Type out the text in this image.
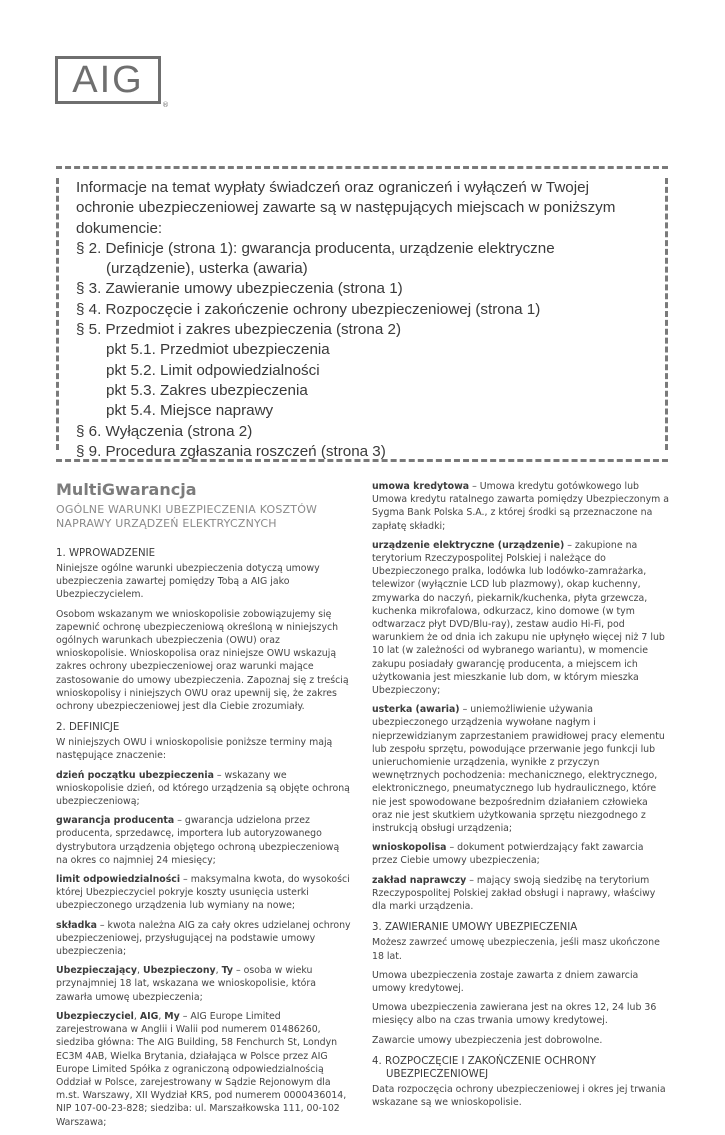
AIG
®
Informacje na temat wypłaty świadczeń oraz ograniczeń i wyłączeń w Twojej
ochronie ubezpieczeniowej zawarte są w następujących miejscach w poniższym
dokumencie:
§ 2. Definicje (strona 1): gwarancja producenta, urządzenie elektryczne
(urządzenie), usterka (awaria)
§ 3. Zawieranie umowy ubezpieczenia (strona 1)
§ 4. Rozpoczęcie i zakończenie ochrony ubezpieczeniowej (strona 1)
§ 5. Przedmiot i zakres ubezpieczenia (strona 2)
pkt 5.1. Przedmiot ubezpieczenia
pkt 5.2. Limit odpowiedzialności
pkt 5.3. Zakres ubezpieczenia
pkt 5.4. Miejsce naprawy
§ 6. Wyłączenia (strona 2)
§ 9. Procedura zgłaszania roszczeń (strona 3)
MultiGwarancja
OGÓLNE WARUNKI UBEZPIECZENIA KOSZTÓW NAPRAWY URZĄDZEŃ ELEKTRYCZNYCH
1. WPROWADZENIE

Niniejsze ogólne warunki ubezpieczenia dotyczą umowy ubezpieczenia zawartej pomiędzy Tobą a AIG jako Ubezpieczycielem.

Osobom wskazanym we wnioskopolisie zobowiązujemy się zapewnić ochronę ubezpieczeniową określoną w niniejszych ogólnych warunkach ubezpieczenia (OWU) oraz wnioskopolisie. Wnioskopolisa oraz niniejsze OWU wskazują zakres ochrony ubezpieczeniowej oraz warunki mające zastosowanie do umowy ubezpieczenia. Zapoznaj się z treścią wnioskopolisy i niniejszych OWU oraz upewnij się, że zakres ochrony ubezpieczeniowej jest dla Ciebie zrozumiały.

2. DEFINICJE

W niniejszych OWU i wnioskopolisie poniższe terminy mają następujące znaczenie:

dzień początku ubezpieczenia – wskazany we wnioskopolisie dzień, od którego urządzenia są objęte ochroną ubezpieczeniową;

gwarancja producenta – gwarancja udzielona przez producenta, sprzedawcę, importera lub autoryzowanego dystrybutora urządzenia objętego ochroną ubezpieczeniową na okres co najmniej 24 miesięcy;

limit odpowiedzialności – maksymalna kwota, do wysokości której Ubezpieczyciel pokryje koszty usunięcia usterki ubezpieczonego urządzenia lub wymiany na nowe;

składka – kwota należna AIG za cały okres udzielanej ochrony ubezpieczeniowej, przysługującej na podstawie umowy ubezpieczenia;

Ubezpieczający, Ubezpieczony, Ty – osoba w wieku przynajmniej 18 lat, wskazana we wnioskopolisie, która zawarła umowę ubezpieczenia;

Ubezpieczyciel, AIG, My – AIG Europe Limited zarejestrowana w Anglii i Walii pod numerem 01486260, siedziba główna: The AIG Building, 58 Fenchurch St, Londyn EC3M 4AB, Wielka Brytania, działająca w Polsce przez AIG Europe Limited Spółka z ograniczoną odpowiedzialnością Oddział w Polsce, zarejestrowany w Sądzie Rejonowym dla m.st. Warszawy, XII Wydział KRS, pod numerem 0000436014, NIP 107-00-23-828; siedziba: ul. Marszałkowska 111, 00-102 Warszawa;

umowa kredytowa – Umowa kredytu gotówkowego lub Umowa kredytu ratalnego zawarta pomiędzy Ubezpieczonym a Sygma Bank Polska S.A., z której środki są przeznaczone na zapłatę składki;

urządzenie elektryczne (urządzenie) – zakupione na terytorium Rzeczypospolitej Polskiej i należące do Ubezpieczonego pralka, lodówka lub lodówko-zamrażarka, telewizor (wyłącznie LCD lub plazmowy), okap kuchenny, zmywarka do naczyń, piekarnik/kuchenka, płyta grzewcza, kuchenka mikrofalowa, odkurzacz, kino domowe (w tym odtwarzacz płyt DVD/Blu-ray), zestaw audio Hi-Fi, pod warunkiem że od dnia ich zakupu nie upłynęło więcej niż 7 lub 10 lat (w zależności od wybranego wariantu), w momencie zakupu posiadały gwarancję producenta, a miejscem ich użytkowania jest mieszkanie lub dom, w którym mieszka Ubezpieczony;

usterka (awaria) – uniemożliwienie używania ubezpieczonego urządzenia wywołane nagłym i nieprzewidzianym zaprzestaniem prawidłowej pracy elementu lub zespołu sprzętu, powodujące przerwanie jego funkcji lub unieruchomienie urządzenia, wynikłe z przyczyn wewnętrznych pochodzenia: mechanicznego, elektrycznego, elektronicznego, pneumatycznego lub hydraulicznego, które nie jest spowodowane bezpośrednim działaniem człowieka oraz nie jest skutkiem użytkowania sprzętu niezgodnego z instrukcją obsługi urządzenia;

wnioskopolisa – dokument potwierdzający fakt zawarcia przez Ciebie umowy ubezpieczenia;

zakład naprawczy – mający swoją siedzibę na terytorium Rzeczypospolitej Polskiej zakład obsługi i naprawy, właściwy dla marki urządzenia.

3. ZAWIERANIE UMOWY UBEZPIECZENIA

Możesz zawrzeć umowę ubezpieczenia, jeśli masz ukończone 18 lat.

Umowa ubezpieczenia zostaje zawarta z dniem zawarcia umowy kredytowej.

Umowa ubezpieczenia zawierana jest na okres 12, 24 lub 36 miesięcy albo na czas trwania umowy kredytowej.

Zawarcie umowy ubezpieczenia jest dobrowolne.

4. ROZPOCZĘCIE I ZAKOŃCZENIE OCHRONY UBEZPIECZENIOWEJ

Data rozpoczęcia ochrony ubezpieczeniowej i okres jej trwania wskazane są we wnioskopolisie.
